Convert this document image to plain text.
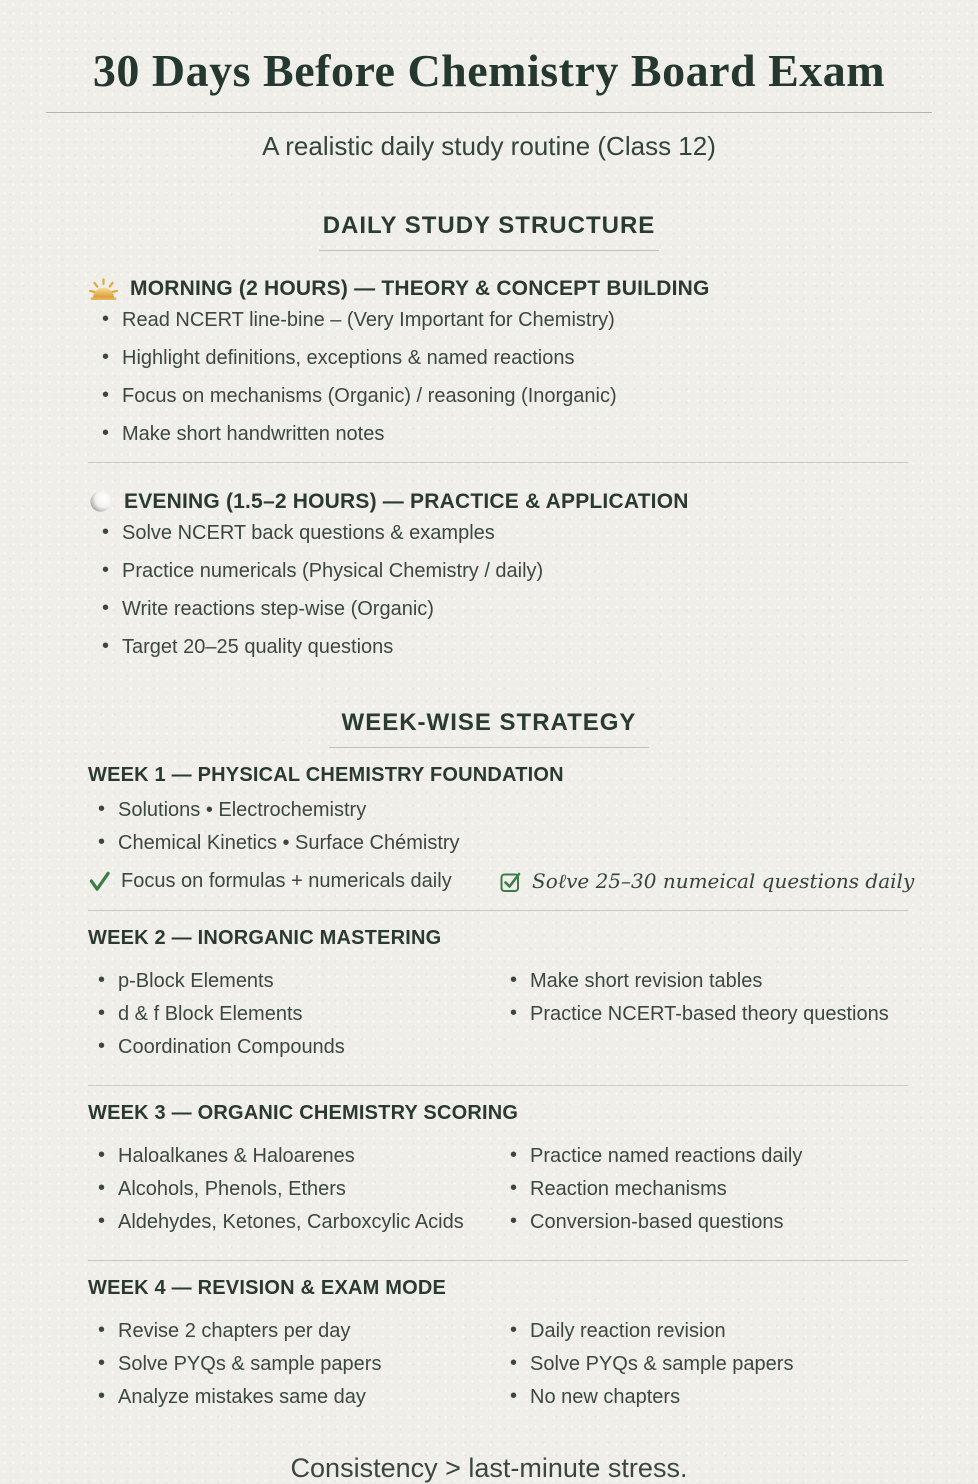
30 Days Before Chemistry Board Exam

A realistic daily study routine (Class 12)

DAILY STUDY STRUCTURE
MORNING (2 HOURS) — THEORY & CONCEPT BUILDING
• Read NCERT line-bine – (Very Important for Chemistry)
• Highlight definitions, exceptions & named reactions
• Focus on mechanisms (Organic) / reasoning (Inorganic)
• Make short handwritten notes
EVENING (1.5–2 HOURS) — PRACTICE & APPLICATION
• Solve NCERT back questions & examples
• Practice numericals (Physical Chemistry / daily)
• Write reactions step-wise (Organic)
• Target 20–25 quality questions
WEEK-WISE STRATEGY
WEEK 1 — PHYSICAL CHEMISTRY FOUNDATION
• Solutions • Electrochemistry
• Chemical Kinetics • Surface Chémistry
Focus on formulas + numericals daily	Soℓve 25–30 numeical questions daily
WEEK 2 — INORGANIC MASTERING
• p-Block Elements
• d & f Block Elements
• Coordination Compounds
• Make short revision tables
• Practice NCERT-based theory questions
WEEK 3 — ORGANIC CHEMISTRY SCORING
• Haloalkanes & Haloarenes
• Alcohols, Phenols, Ethers
• Aldehydes, Ketones, Carboxcylic Acids
• Practice named reactions daily
• Reaction mechanisms
• Conversion-based questions
WEEK 4 — REVISION & EXAM MODE
• Revise 2 chapters per day
• Solve PYQs & sample papers
• Analyze mistakes same day
• Daily reaction revision
• Solve PYQs & sample papers
• No new chapters

Consistency > last-minute stress.
